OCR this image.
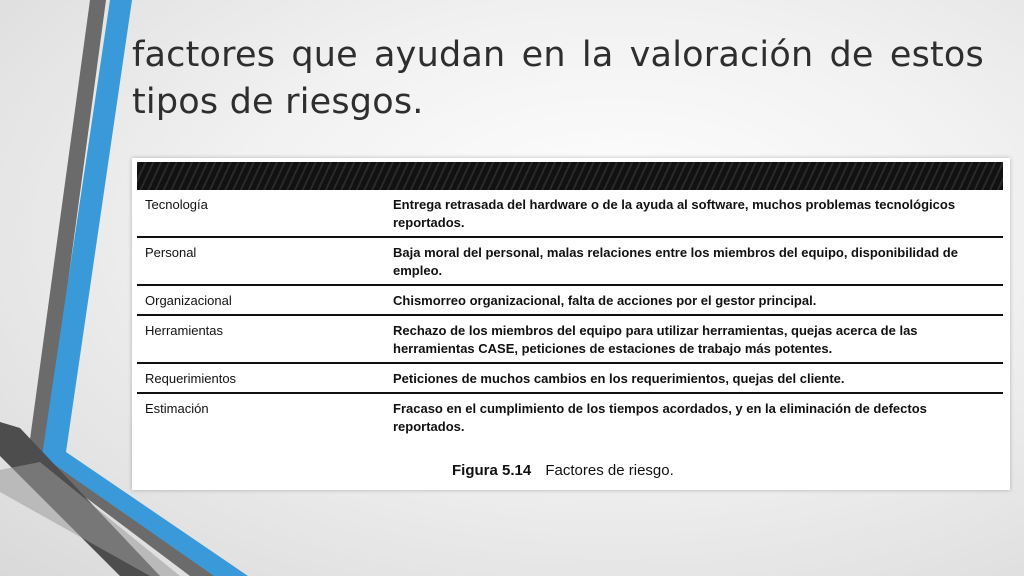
factores que ayudan en la valoración de estos tipos de riesgos.
Tecnología	Entrega retrasada del hardware o de la ayuda al software, muchos problemas tecnológicos reportados.
Personal	Baja moral del personal, malas relaciones entre los miembros del equipo, disponibilidad de empleo.
Organizacional	Chismorreo organizacional, falta de acciones por el gestor principal.
Herramientas	Rechazo de los miembros del equipo para utilizar herramientas, quejas acerca de las herramientas CASE, peticiones de estaciones de trabajo más potentes.
Requerimientos	Peticiones de muchos cambios en los requerimientos, quejas del cliente.
Estimación	Fracaso en el cumplimiento de los tiempos acordados, y en la eliminación de defectos reportados.
Figura 5.14 Factores de riesgo.
